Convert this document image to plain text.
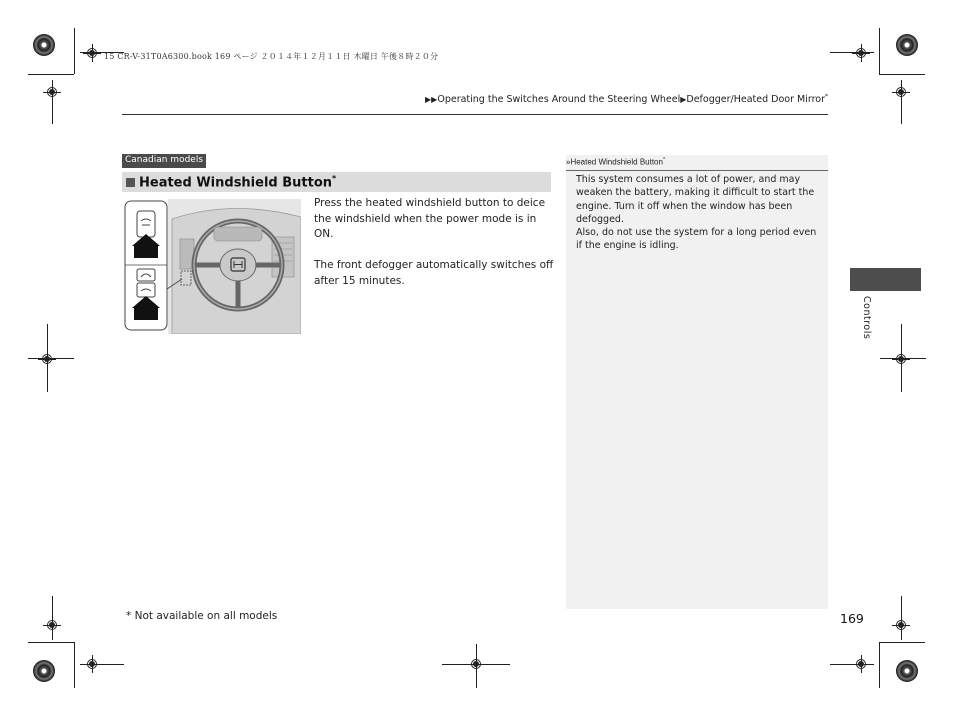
15 CR-V-31T0A6300.book 169 ページ ２０１４年１２月１１日 木曜日 午後８時２０分
▶▶Operating the Switches Around the Steering Wheel▶Defogger/Heated Door Mirror*
Canadian models
Heated Windshield Button*

Press the heated windshield button to deice the windshield when the power mode is in ON.

The front defogger automatically switches off after 15 minutes.

»Heated Windshield Button*
This system consumes a lot of power, and may weaken the battery, making it difficult to start the engine. Turn it off when the window has been defogged.
Also, do not use the system for a long period even if the engine is idling.
Controls
* Not available on all models	169
